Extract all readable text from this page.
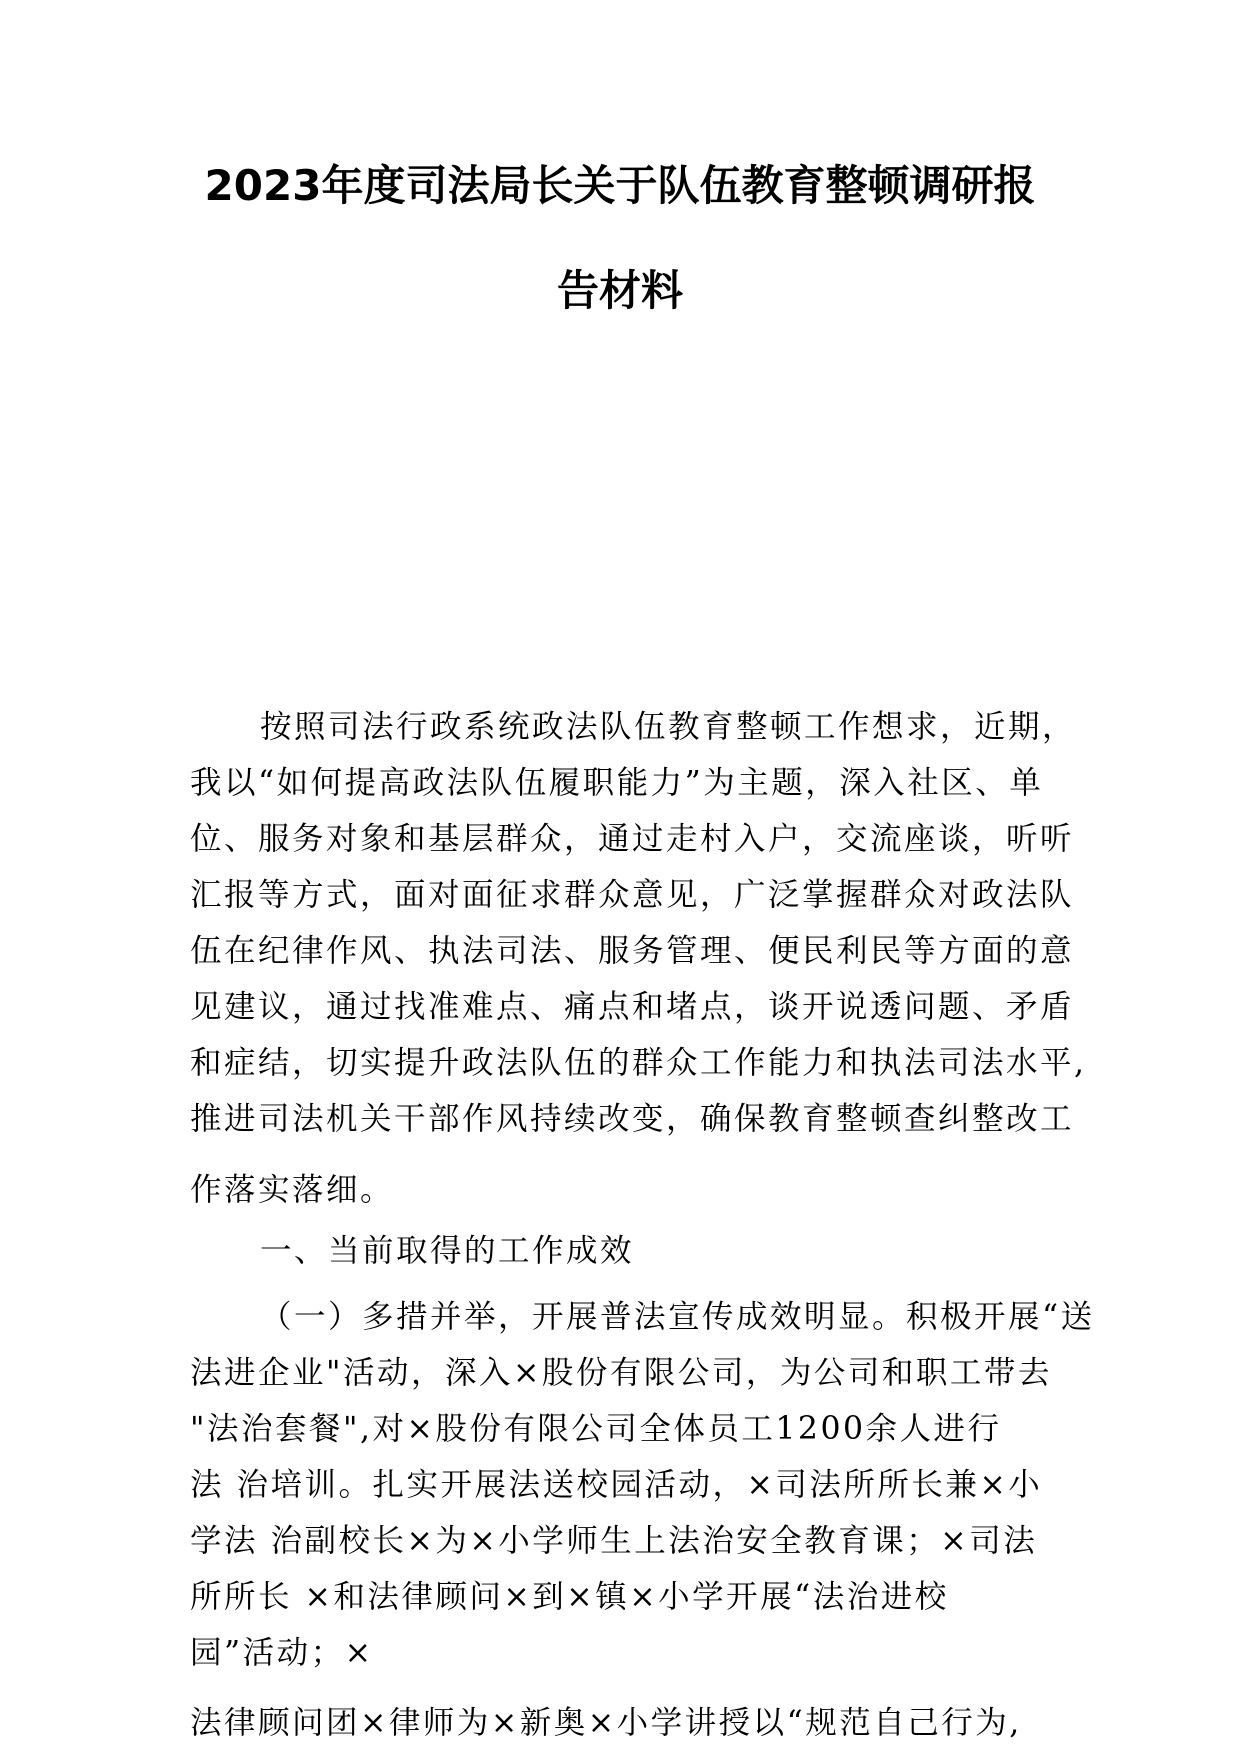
2023年度司法局长关于队伍教育整顿调研报
告材料
按照司法行政系统政法队伍教育整顿工作想求，近期，
我以“如何提高政法队伍履职能力”为主题，深入社区、单
位、服务对象和基层群众，通过走村入户，交流座谈，听听
汇报等方式，面对面征求群众意见，广泛掌握群众对政法队
伍在纪律作风、执法司法、服务管理、便民利民等方面的意
见建议，通过找准难点、痛点和堵点，谈开说透问题、矛盾
和症结，切实提升政法队伍的群众工作能力和执法司法水平,
推进司法机关干部作风持续改变，确保教育整顿查纠整改工
作落实落细。
一、当前取得的工作成效
（一）多措并举，开展普法宣传成效明显。积极开展“送
法进企业"活动，深入×股份有限公司，为公司和职工带去
"法治套餐",对×股份有限公司全体员工1200余人进行
法 治培训。扎实开展法送校园活动，×司法所所长兼×小
学法 治副校长×为×小学师生上法治安全教育课；×司法
所所长 ×和法律顾问×到×镇×小学开展“法治进校
园”活动；×
法律顾问团×律师为×新奥×小学讲授以“规范自己行为,
